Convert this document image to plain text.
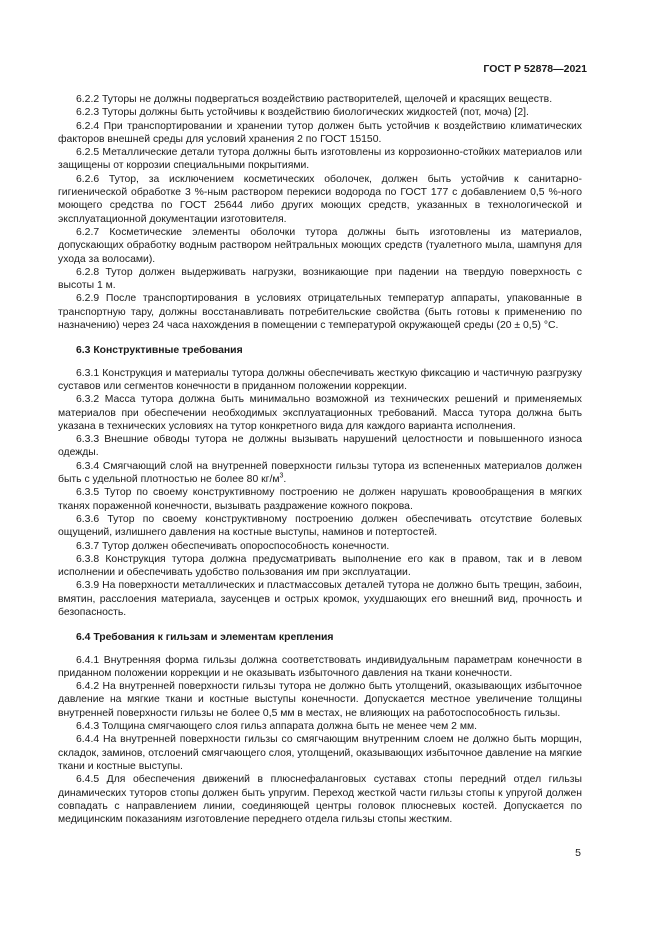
ГОСТ Р 52878—2021

6.2.2 Туторы не должны подвергаться воздействию растворителей, щелочей и красящих веществ.

6.2.3 Туторы должны быть устойчивы к воздействию биологических жидкостей (пот, моча) [2].

6.2.4 При транспортировании и хранении тутор должен быть устойчив к воздействию климатических факторов внешней среды для условий хранения 2 по ГОСТ 15150.

6.2.5 Металлические детали тутора должны быть изготовлены из коррозионно-стойких материалов или защищены от коррозии специальными покрытиями.

6.2.6 Тутор, за исключением косметических оболочек, должен быть устойчив к санитарно-гигиенической обработке 3 %-ным раствором перекиси водорода по ГОСТ 177 с добавлением 0,5 %-ного моющего средства по ГОСТ 25644 либо других моющих средств, указанных в технологической и эксплуатационной документации изготовителя.

6.2.7 Косметические элементы оболочки тутора должны быть изготовлены из материалов, допускающих обработку водным раствором нейтральных моющих средств (туалетного мыла, шампуня для ухода за волосами).

6.2.8 Тутор должен выдерживать нагрузки, возникающие при падении на твердую поверхность с высоты 1 м.

6.2.9 После транспортирования в условиях отрицательных температур аппараты, упакованные в транспортную тару, должны восстанавливать потребительские свойства (быть готовы к применению по назначению) через 24 часа нахождения в помещении с температурой окружающей среды (20 ± 0,5) °С.

6.3 Конструктивные требования

6.3.1 Конструкция и материалы тутора должны обеспечивать жесткую фиксацию и частичную разгрузку суставов или сегментов конечности в приданном положении коррекции.

6.3.2 Масса тутора должна быть минимально возможной из технических решений и применяемых материалов при обеспечении необходимых эксплуатационных требований. Масса тутора должна быть указана в технических условиях на тутор конкретного вида для каждого варианта исполнения.

6.3.3 Внешние обводы тутора не должны вызывать нарушений целостности и повышенного износа одежды.

6.3.4 Смягчающий слой на внутренней поверхности гильзы тутора из вспененных материалов должен быть с удельной плотностью не более 80 $кг/м^3$.

6.3.5 Тутор по своему конструктивному построению не должен нарушать кровообращения в мягких тканях пораженной конечности, вызывать раздражение кожного покрова.

6.3.6 Тутор по своему конструктивному построению должен обеспечивать отсутствие болевых ощущений, излишнего давления на костные выступы, наминов и потертостей.

6.3.7 Тутор должен обеспечивать опороспособность конечности.

6.3.8 Конструкция тутора должна предусматривать выполнение его как в правом, так и в левом исполнении и обеспечивать удобство пользования им при эксплуатации.

6.3.9 На поверхности металлических и пластмассовых деталей тутора не должно быть трещин, забоин, вмятин, расслоения материала, заусенцев и острых кромок, ухудшающих его внешний вид, прочность и безопасность.

6.4 Требования к гильзам и элементам крепления

6.4.1 Внутренняя форма гильзы должна соответствовать индивидуальным параметрам конечности в приданном положении коррекции и не оказывать избыточного давления на ткани конечности.

6.4.2 На внутренней поверхности гильзы тутора не должно быть утолщений, оказывающих избыточное давление на мягкие ткани и костные выступы конечности. Допускается местное увеличение толщины внутренней поверхности гильзы не более 0,5 мм в местах, не влияющих на работоспособность гильзы.

6.4.3 Толщина смягчающего слоя гильз аппарата должна быть не менее чем 2 мм.

6.4.4 На внутренней поверхности гильзы со смягчающим внутренним слоем не должно быть морщин, складок, заминов, отслоений смягчающего слоя, утолщений, оказывающих избыточное давление на мягкие ткани и костные выступы.

6.4.5 Для обеспечения движений в плюснефаланговых суставах стопы передний отдел гильзы динамических туторов стопы должен быть упругим. Переход жесткой части гильзы стопы к упругой должен совпадать с направлением линии, соединяющей центры головок плюсневых костей. Допускается по медицинским показаниям изготовление переднего отдела гильзы стопы жестким.

5
